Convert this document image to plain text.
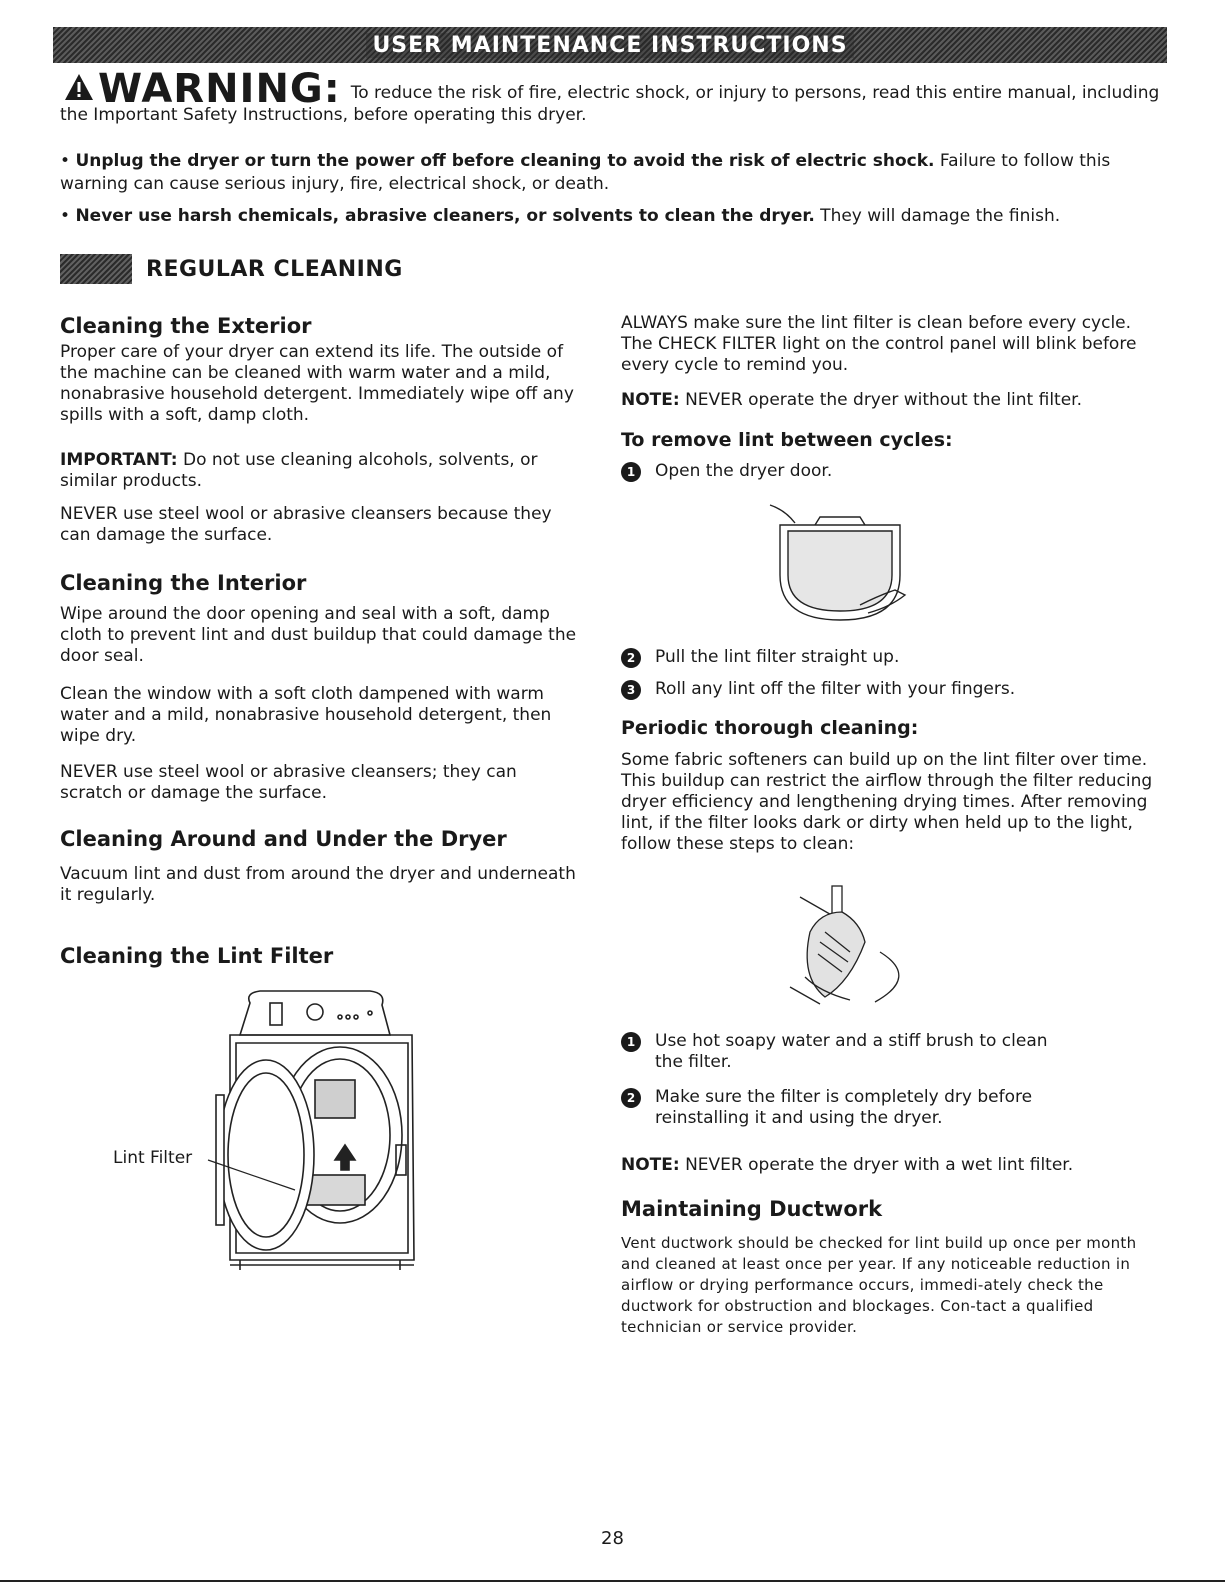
USER MAINTENANCE INSTRUCTIONS
WARNING: To reduce the risk of fire, electric shock, or injury to persons, read this entire manual, including the Important Safety Instructions, before operating this dryer.
• Unplug the dryer or turn the power off before cleaning to avoid the risk of electric shock. Failure to follow this warning can cause serious injury, fire, electrical shock, or death.
• Never use harsh chemicals, abrasive cleaners, or solvents to clean the dryer. They will damage the finish.
REGULAR CLEANING
Cleaning the Exterior

Proper care of your dryer can extend its life. The outside of the machine can be cleaned with warm water and a mild, nonabrasive household detergent. Immediately wipe off any spills with a soft, damp cloth.

IMPORTANT: Do not use cleaning alcohols, solvents, or similar products.

NEVER use steel wool or abrasive cleansers because they can damage the surface.

Cleaning the Interior

Wipe around the door opening and seal with a soft, damp cloth to prevent lint and dust buildup that could damage the door seal.

Clean the window with a soft cloth dampened with warm water and a mild, nonabrasive household detergent, then wipe dry.

NEVER use steel wool or abrasive cleansers; they can scratch or damage the surface.

Cleaning Around and Under the Dryer

Vacuum lint and dust from around the dryer and underneath it regularly.

Cleaning the Lint Filter

Lint Filter

ALWAYS make sure the lint filter is clean before every cycle. The CHECK FILTER light on the control panel will blink before every cycle to remind you.

NOTE: NEVER operate the dryer without the lint filter.

To remove lint between cycles:
1	Open the dryer door.
2	Pull the lint filter straight up.
3	Roll any lint off the filter with your fingers.
Periodic thorough cleaning:

Some fabric softeners can build up on the lint filter over time. This buildup can restrict the airflow through the filter reducing dryer efficiency and lengthening drying times. After removing lint, if the filter looks dark or dirty when held up to the light, follow these steps to clean:

1	Use hot soapy water and a stiff brush to clean the filter.
2	Make sure the filter is completely dry before reinstalling it and using the dryer.

NOTE: NEVER operate the dryer with a wet lint filter.

Maintaining Ductwork

Vent ductwork should be checked for lint build up once per month and cleaned at least once per year. If any noticeable reduction in airflow or drying performance occurs, immedi-ately check the ductwork for obstruction and blockages. Con-tact a qualified technician or service provider.

28
